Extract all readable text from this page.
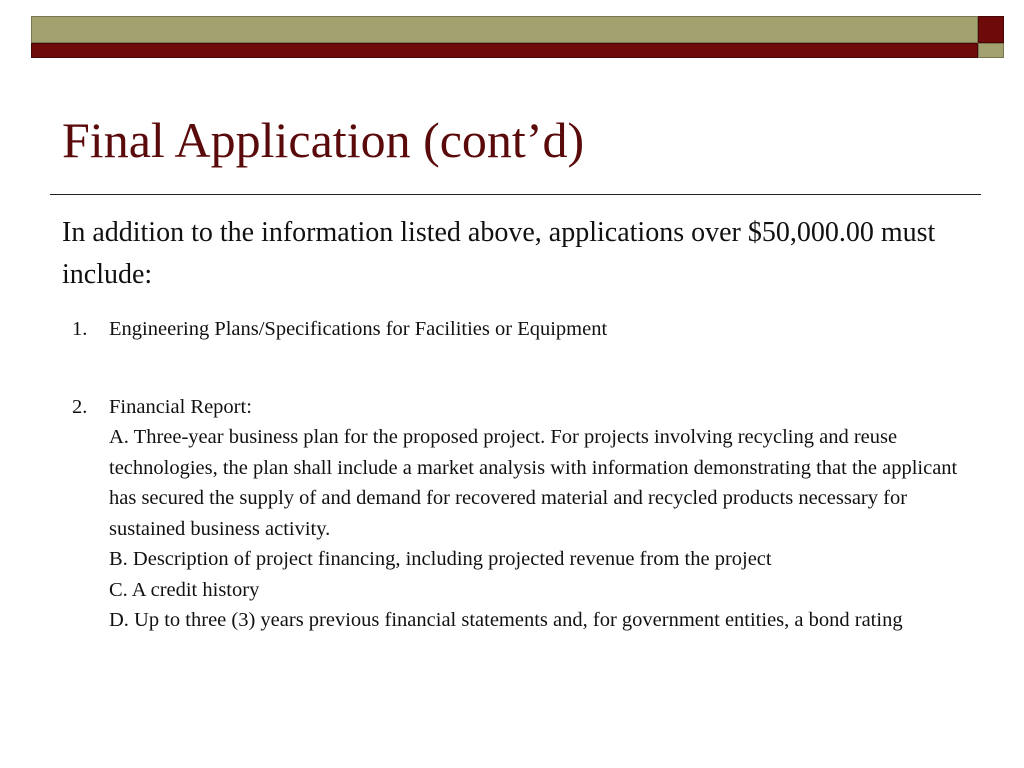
Final Application (cont’d)

In addition to the information listed above, applications over $50,000.00 must include:

1. Engineering Plans/Specifications for Facilities or Equipment
2. Financial Report:
A. Three-year business plan for the proposed project. For projects involving recycling and reuse technologies, the plan shall include a market analysis with information demonstrating that the applicant has secured the supply of and demand for recovered material and recycled products necessary for sustained business activity.
B. Description of project financing, including projected revenue from the project
C. A credit history
D. Up to three (3) years previous financial statements and, for government entities, a bond rating
